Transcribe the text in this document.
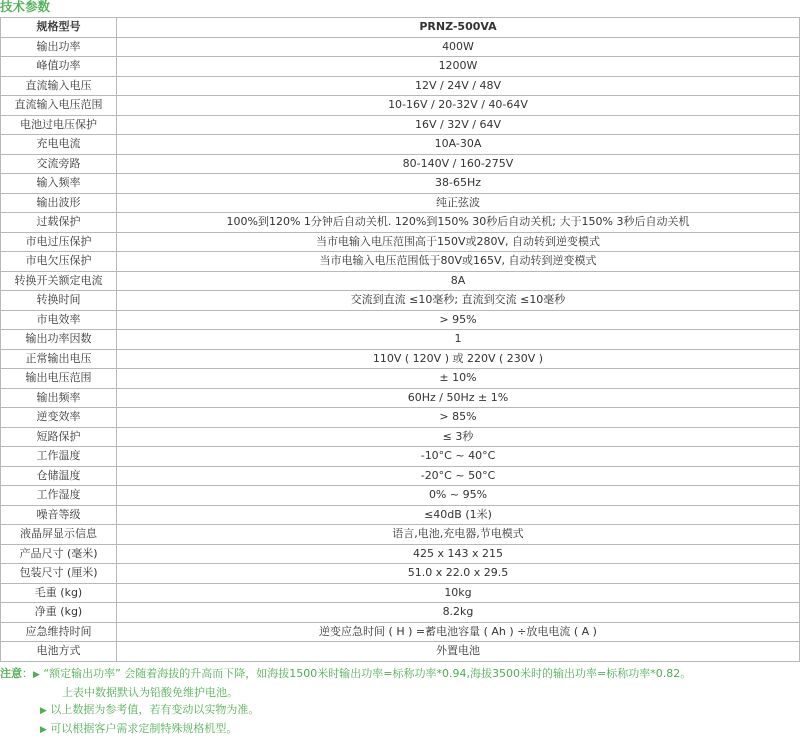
技术参数
规格型号	PRNZ-500VA
输出功率	400W
峰值功率	1200W
直流输入电压	12V / 24V / 48V
直流输入电压范围	10-16V / 20-32V / 40-64V
电池过电压保护	16V / 32V / 64V
充电电流	10A-30A
交流旁路	80-140V / 160-275V
输入频率	38-65Hz
输出波形	纯正弦波
过载保护	100%到120% 1分钟后自动关机. 120%到150% 30秒后自动关机; 大于150% 3秒后自动关机
市电过压保护	当市电输入电压范围高于150V或280V, 自动转到逆变模式
市电欠压保护	当市电输入电压范围低于80V或165V, 自动转到逆变模式
转换开关额定电流	8A
转换时间	交流到直流 ≤10毫秒; 直流到交流 ≤10毫秒
市电效率	> 95%
输出功率因数	1
正常输出电压	110V ( 120V ) 或 220V ( 230V )
输出电压范围	± 10%
输出频率	60Hz / 50Hz ± 1%
逆变效率	> 85%
短路保护	≤ 3秒
工作温度	-10°C ~ 40°C
仓储温度	-20°C ~ 50°C
工作湿度	0% ~ 95%
噪音等级	≤40dB (1米)
液晶屏显示信息	语言,电池,充电器,节电模式
产品尺寸 (毫米)	425 x 143 x 215
包装尺寸 (厘米)	51.0 x 22.0 x 29.5
毛重 (kg)	10kg
净重 (kg)	8.2kg
应急维持时间	逆变应急时间 ( H ) =蓄电池容量 ( Ah ) ÷放电电流 ( A )
电池方式	外置电池
注意：▶ “额定输出功率” 会随着海拔的升高而下降，如海拔1500米时输出功率=标称功率*0.94,海拔3500米时的输出功率=标称功率*0.82。
上表中数据默认为铅酸免维护电池。
▶ 以上数据为参考值，若有变动以实物为准。
▶ 可以根据客户需求定制特殊规格机型。
